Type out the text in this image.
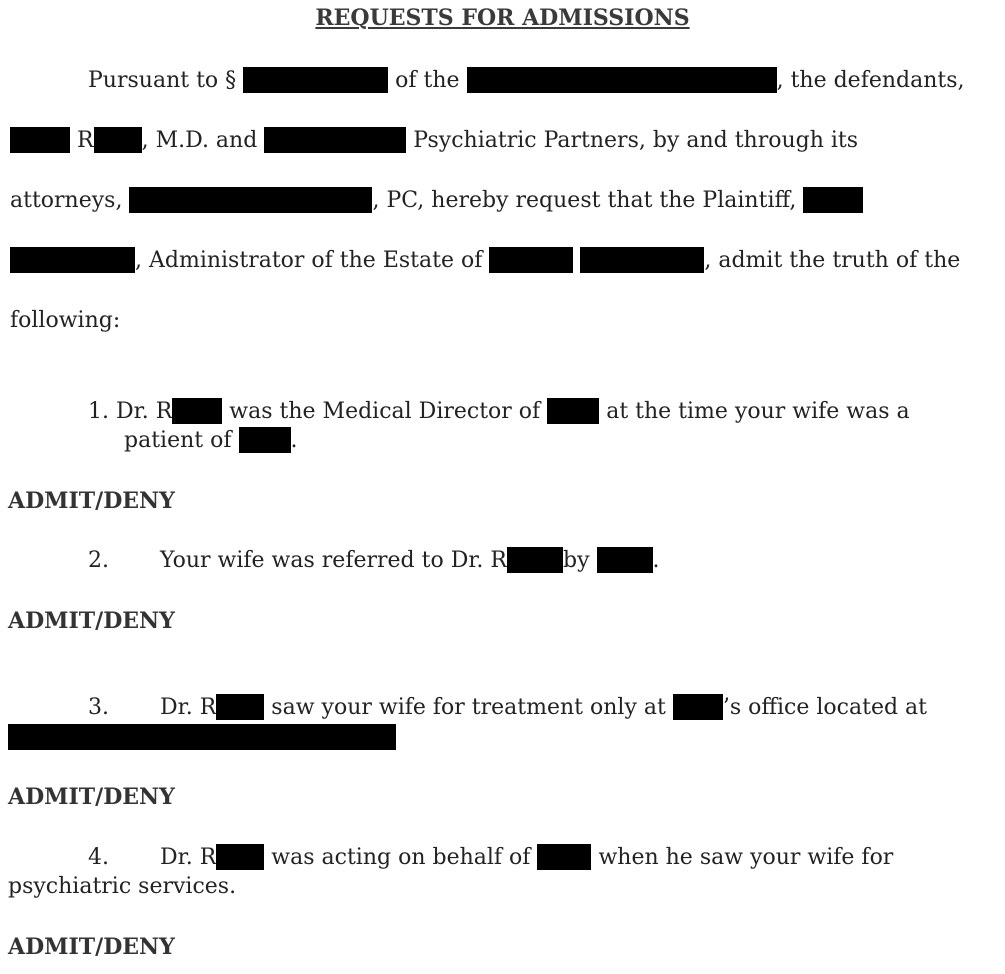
REQUESTS FOR ADMISSIONS
Pursuant to §	of the	, the defendants,
R , M.D. and	Psychiatric Partners, by and through its
attorneys,	, PC, hereby request that the Plaintiff,
, Administrator of the Estate of	, admit the truth of the
following:
1. Dr. R	was the Medical Director of	at the time your wife was a
patient of	.
ADMIT/DENY
2. Your wife was referred to Dr. R	by	.
ADMIT/DENY
3. Dr. R	saw your wife for treatment only at	’s office located at
ADMIT/DENY
4. Dr. R	was acting on behalf of	when he saw your wife for
psychiatric services.
ADMIT/DENY
